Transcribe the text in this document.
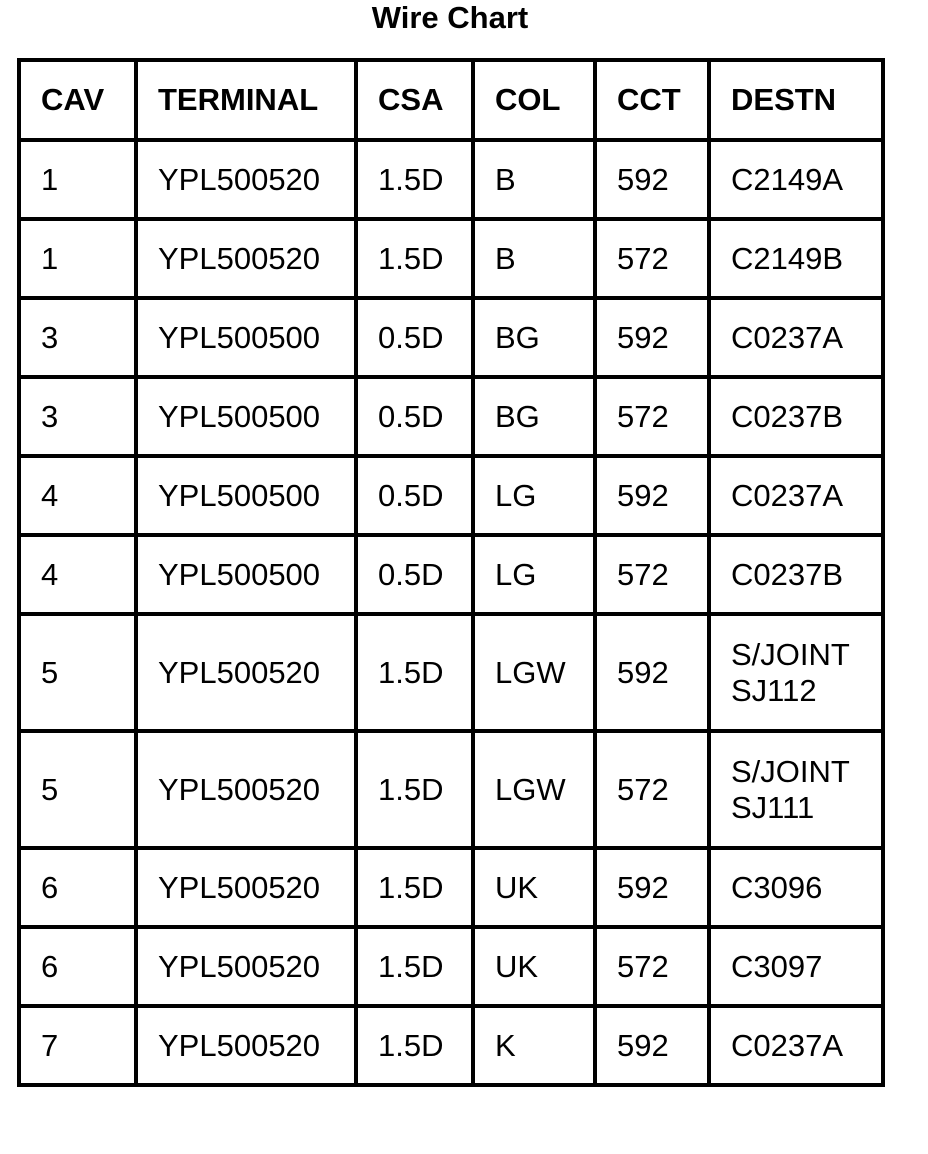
Wire Chart
CAV	TERMINAL	CSA	COL	CCT	DESTN
1	YPL500520	1.5D	B	592	C2149A

1	YPL500520	1.5D	B	572	C2149B

3	YPL500500	0.5D	BG	592	C0237A

3	YPL500500	0.5D	BG	572	C0237B

4	YPL500500	0.5D	LG	592	C0237A

4	YPL500500	0.5D	LG	572	C0237B

5	YPL500520	1.5D	LGW	592	S/JOINT
SJ112

5	YPL500520	1.5D	LGW	572	S/JOINT
SJ111

6	YPL500520	1.5D	UK	592	C3096

6	YPL500520	1.5D	UK	572	C3097

7	YPL500520	1.5D	K	592	C0237A
